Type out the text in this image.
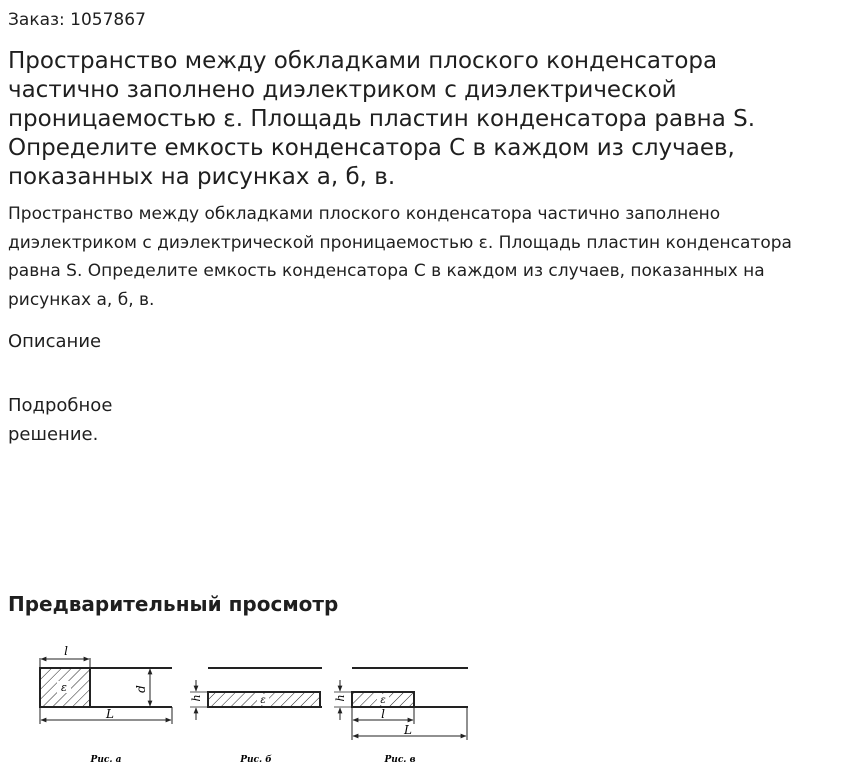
Заказ: 1057867

Пространство между обкладками плоского конденсатора частично заполнено диэлектриком с диэлектрической проницаемостью ε. Площадь пластин конденсатора равна S. Определите емкость конденсатора C в каждом из случаев, показанных на рисунках а, б, в.

Пространство между обкладками плоского конденсатора частично заполнено диэлектриком с диэлектрической проницаемостью ε. Площадь пластин конденсатора равна S. Определите емкость конденсатора C в каждом из случаев, показанных на рисунках а, б, в.

Описание

Подробное решение.

Предварительный просмотр
ε
l
d
L
Рис. а
ε
h
Рис. б
ε
h
l
L
Рис. в
